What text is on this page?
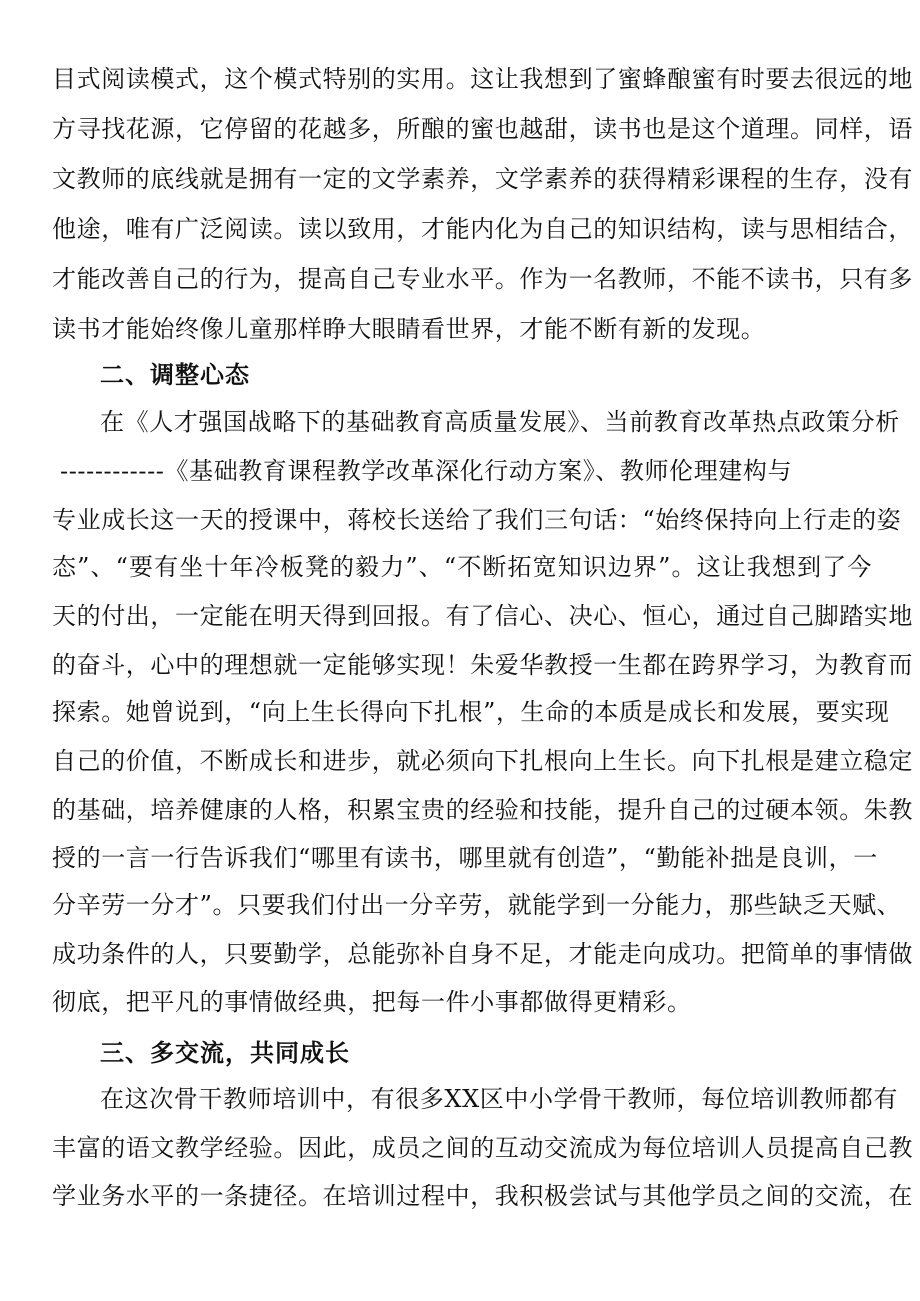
目式阅读模式，这个模式特别的实用。这让我想到了蜜蜂酿蜜有时要去很远的地
方寻找花源，它停留的花越多，所酿的蜜也越甜，读书也是这个道理。同样，语
文教师的底线就是拥有一定的文学素养，文学素养的获得精彩课程的生存，没有
他途，唯有广泛阅读。读以致用，才能内化为自己的知识结构，读与思相结合，
才能改善自己的行为，提高自己专业水平。作为一名教师，不能不读书，只有多
读书才能始终像儿童那样睁大眼睛看世界，才能不断有新的发现。
二、调整心态
在《人才强国战略下的基础教育高质量发展》、当前教育改革热点政策分析
------------《基础教育课程教学改革深化行动方案》、教师伦理建构与
专业成长这一天的授课中，蒋校长送给了我们三句话：“始终保持向上行走的姿
态”、“要有坐十年冷板凳的毅力”、“不断拓宽知识边界”。这让我想到了今
天的付出，一定能在明天得到回报。有了信心、决心、恒心，通过自己脚踏实地
的奋斗，心中的理想就一定能够实现！朱爱华教授一生都在跨界学习，为教育而
探索。她曾说到，“向上生长得向下扎根”，生命的本质是成长和发展，要实现
自己的价值，不断成长和进步，就必须向下扎根向上生长。向下扎根是建立稳定
的基础，培养健康的人格，积累宝贵的经验和技能，提升自己的过硬本领。朱教
授的一言一行告诉我们“哪里有读书，哪里就有创造”，“勤能补拙是良训，一
分辛劳一分才”。只要我们付出一分辛劳，就能学到一分能力，那些缺乏天赋、
成功条件的人，只要勤学，总能弥补自身不足，才能走向成功。把简单的事情做
彻底，把平凡的事情做经典，把每一件小事都做得更精彩。
三、多交流，共同成长
在这次骨干教师培训中，有很多XX区中小学骨干教师，每位培训教师都有
丰富的语文教学经验。因此，成员之间的互动交流成为每位培训人员提高自己教
学业务水平的一条捷径。在培训过程中，我积极尝试与其他学员之间的交流，在
